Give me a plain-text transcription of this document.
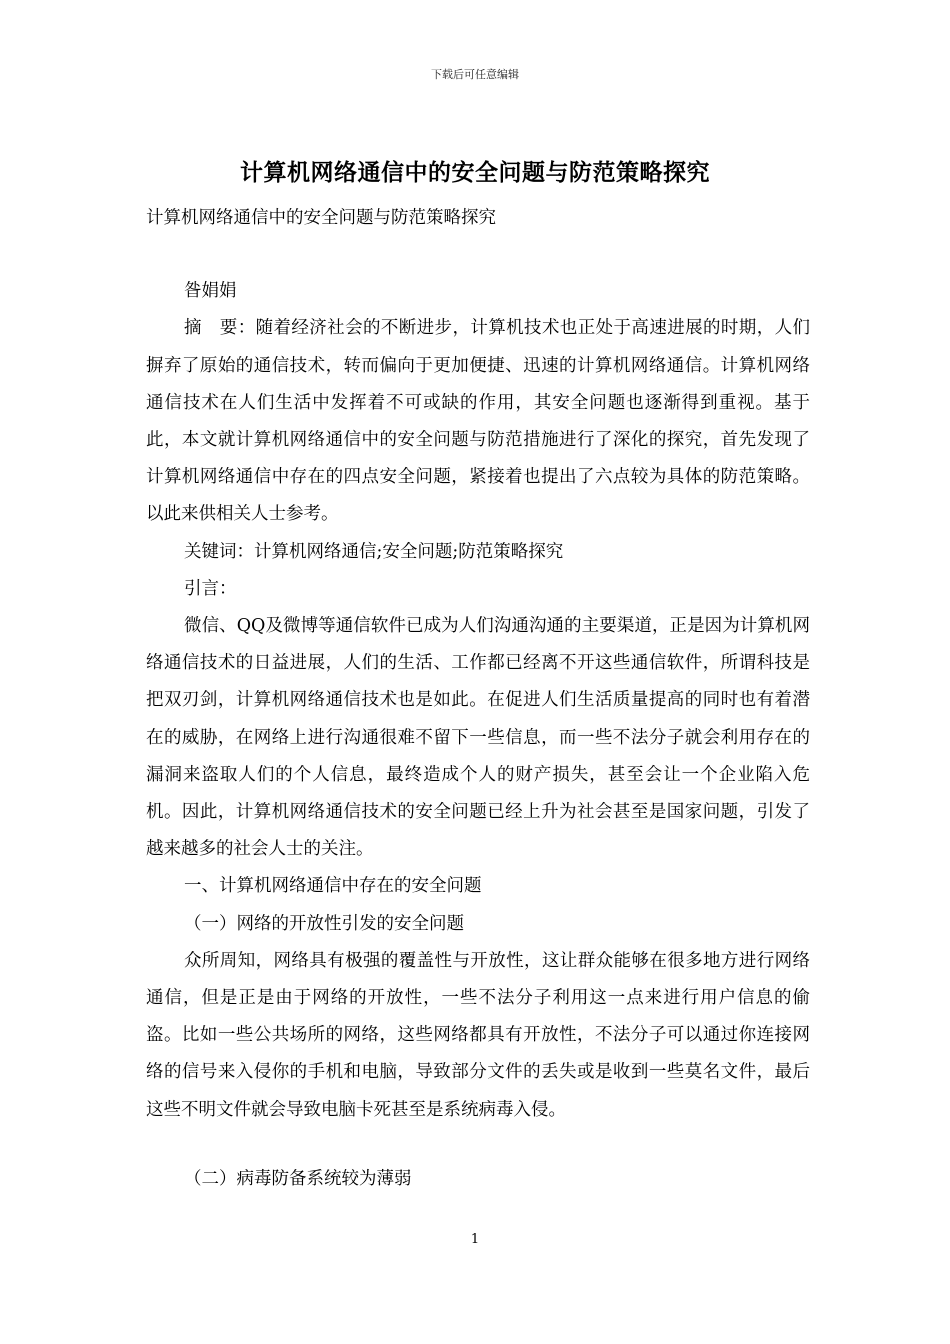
下载后可任意编辑
计算机网络通信中的安全问题与防范策略探究

计算机网络通信中的安全问题与防范策略探究

昝娟娟

摘　要：随着经济社会的不断进步，计算机技术也正处于高速进展的时期，人们摒弃了原始的通信技术，转而偏向于更加便捷、迅速的计算机网络通信。计算机网络通信技术在人们生活中发挥着不可或缺的作用，其安全问题也逐渐得到重视。基于此，本文就计算机网络通信中的安全问题与防范措施进行了深化的探究，首先发现了计算机网络通信中存在的四点安全问题，紧接着也提出了六点较为具体的防范策略。以此来供相关人士参考。

关键词：计算机网络通信;安全问题;防范策略探究

引言：

微信、QQ及微博等通信软件已成为人们沟通沟通的主要渠道，正是因为计算机网络通信技术的日益进展，人们的生活、工作都已经离不开这些通信软件，所谓科技是把双刃剑，计算机网络通信技术也是如此。在促进人们生活质量提高的同时也有着潜在的威胁，在网络上进行沟通很难不留下一些信息，而一些不法分子就会利用存在的漏洞来盗取人们的个人信息，最终造成个人的财产损失，甚至会让一个企业陷入危机。因此，计算机网络通信技术的安全问题已经上升为社会甚至是国家问题，引发了越来越多的社会人士的关注。

一、计算机网络通信中存在的安全问题

（一）网络的开放性引发的安全问题

众所周知，网络具有极强的覆盖性与开放性，这让群众能够在很多地方进行网络通信，但是正是由于网络的开放性，一些不法分子利用这一点来进行用户信息的偷盗。比如一些公共场所的网络，这些网络都具有开放性，不法分子可以通过你连接网络的信号来入侵你的手机和电脑，导致部分文件的丢失或是收到一些莫名文件，最后这些不明文件就会导致电脑卡死甚至是系统病毒入侵。

（二）病毒防备系统较为薄弱

1
